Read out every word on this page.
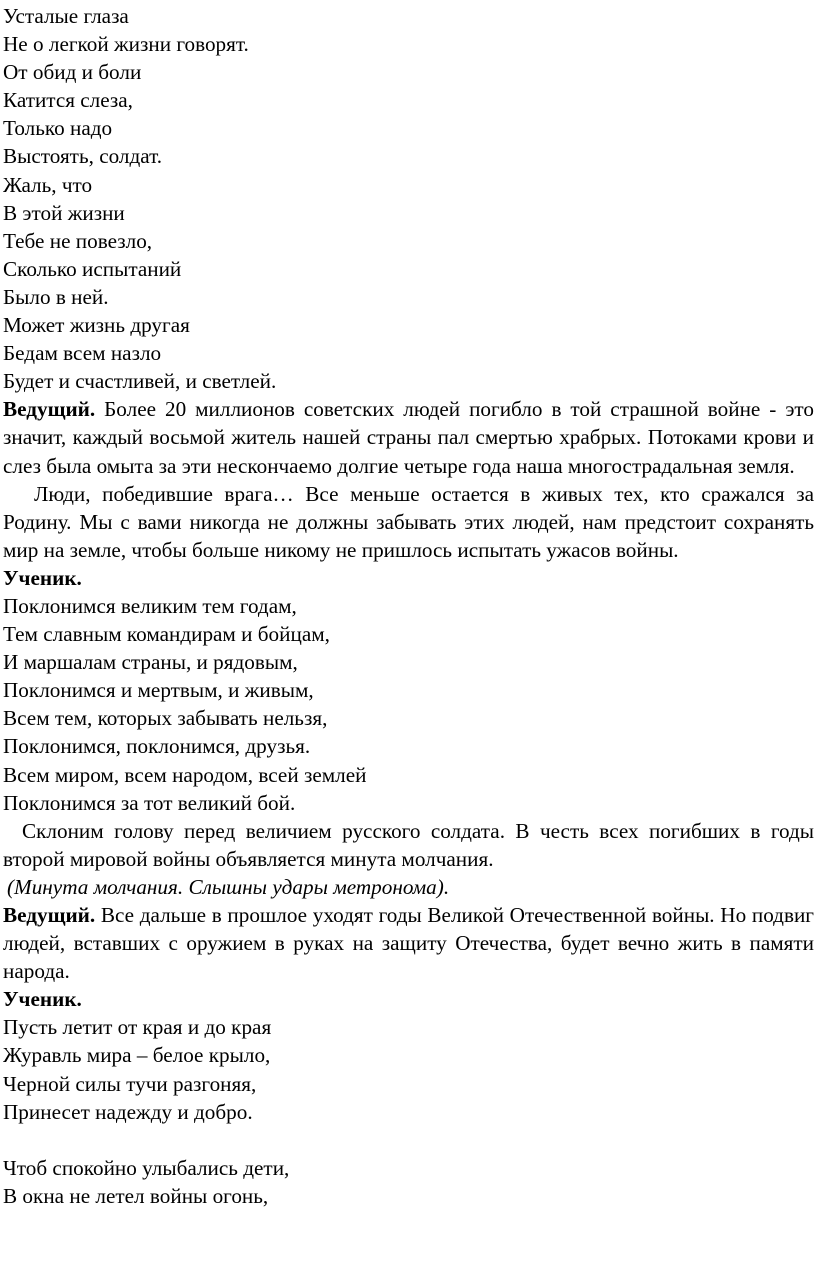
Усталые глаза
Не о легкой жизни говорят.
От обид и боли
Катится слеза,
Только надо
Выстоять, солдат.
Жаль, что
В этой жизни
Тебе не повезло,
Сколько испытаний
Было в ней.
Может жизнь другая
Бедам всем назло
Будет и счастливей, и светлей.

Ведущий. Более 20 миллионов советских людей погибло в той страшной войне - это значит, каждый восьмой житель нашей страны пал смертью храбрых. Потоками крови и слез была омыта за эти нескончаемо долгие четыре года наша многострадальная земля.

Люди, победившие врага… Все меньше остается в живых тех, кто сражался за Родину. Мы с вами никогда не должны забывать этих людей, нам предстоит сохранять мир на земле, чтобы больше никому не пришлось испытать ужасов войны.

Ученик.
Поклонимся великим тем годам,
Тем славным командирам и бойцам,
И маршалам страны, и рядовым,
Поклонимся и мертвым, и живым,
Всем тем, которых забывать нельзя,
Поклонимся, поклонимся, друзья.
Всем миром, всем народом, всей землей
Поклонимся за тот великий бой.

Склоним голову перед величием русского солдата. В честь всех погибших в годы второй мировой войны объявляется минута молчания.

(Минута молчания. Слышны удары метронома).

Ведущий. Все дальше в прошлое уходят годы Великой Отечественной войны. Но подвиг людей, вставших с оружием в руках на защиту Отечества, будет вечно жить в памяти народа.

Ученик.
Пусть летит от края и до края
Журавль мира – белое крыло,
Черной силы тучи разгоняя,
Принесет надежду и добро.
Чтоб спокойно улыбались дети,
В окна не летел войны огонь,
